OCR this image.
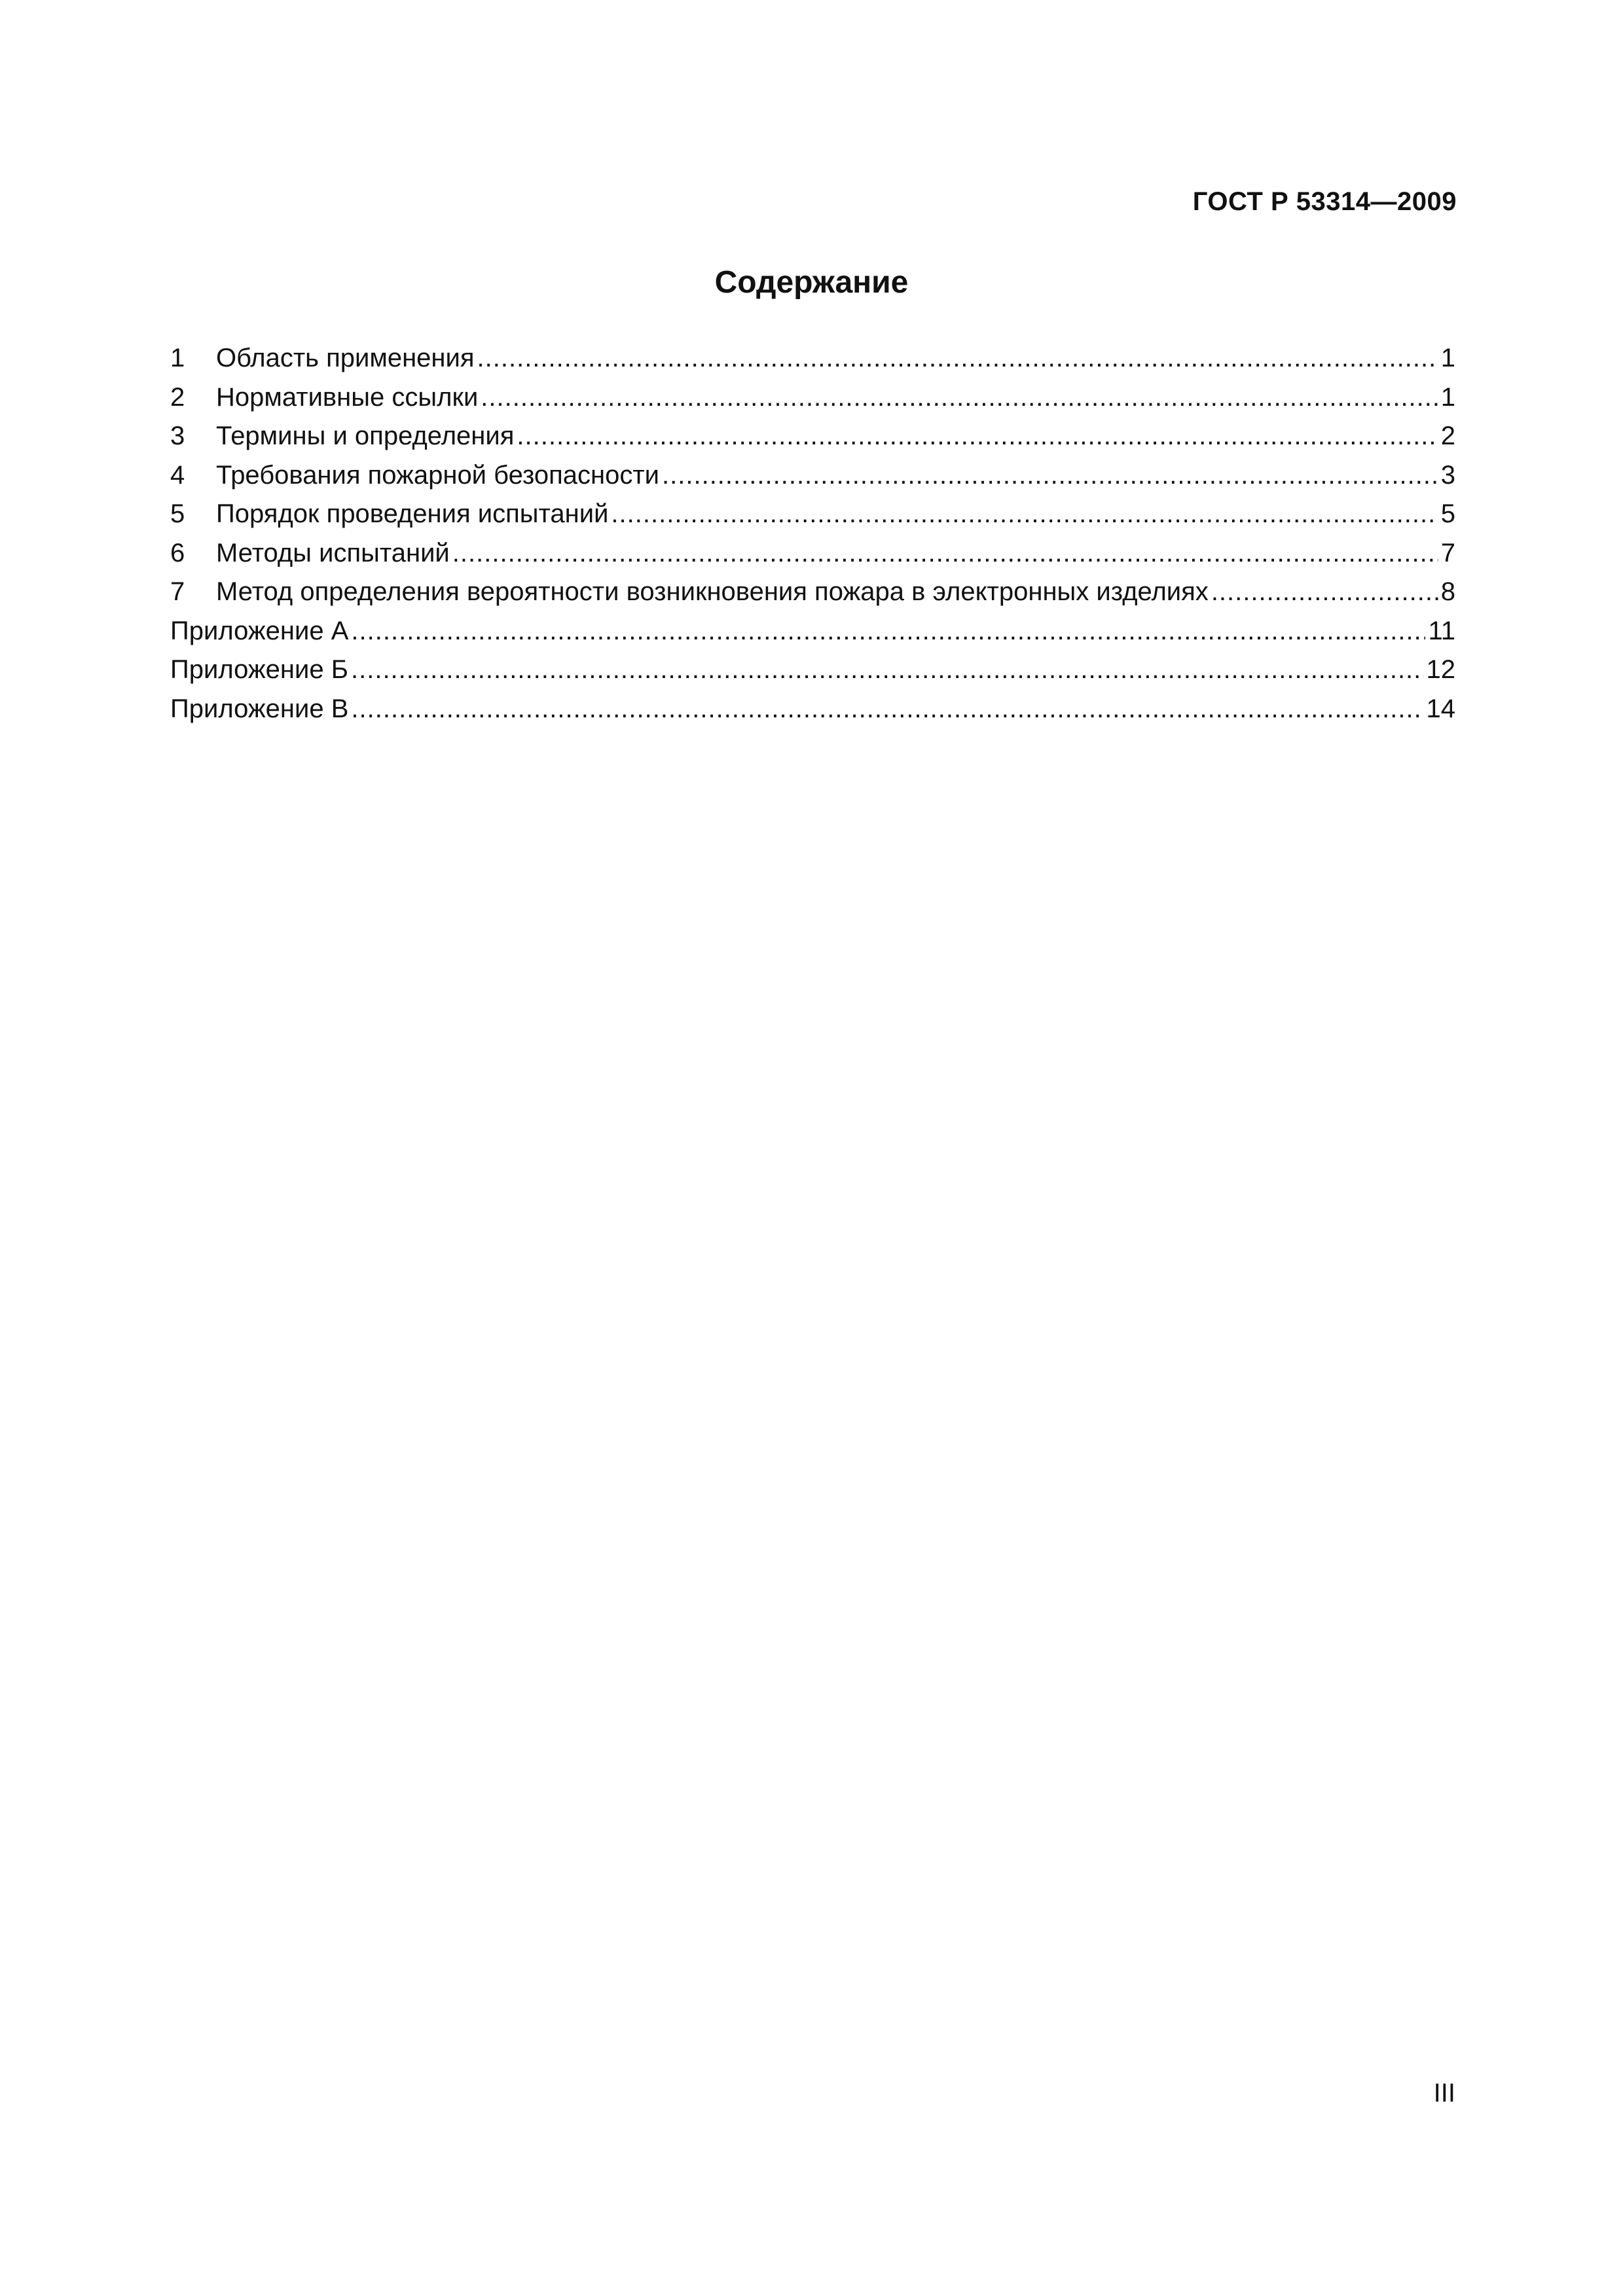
ГОСТ Р 53314—2009
Содержание
1	Область применения .....	1
2	Нормативные ссылки .....	1
3	Термины и определения .....	2
4	Требования пожарной безопасности .....	3
5	Порядок проведения испытаний .....	5
6	Методы испытаний .....	7
7	Метод определения вероятности возникновения пожара в электронных изделиях .....	8
Приложение А .....	11
Приложение Б .....	12
Приложение В .....	14
III
